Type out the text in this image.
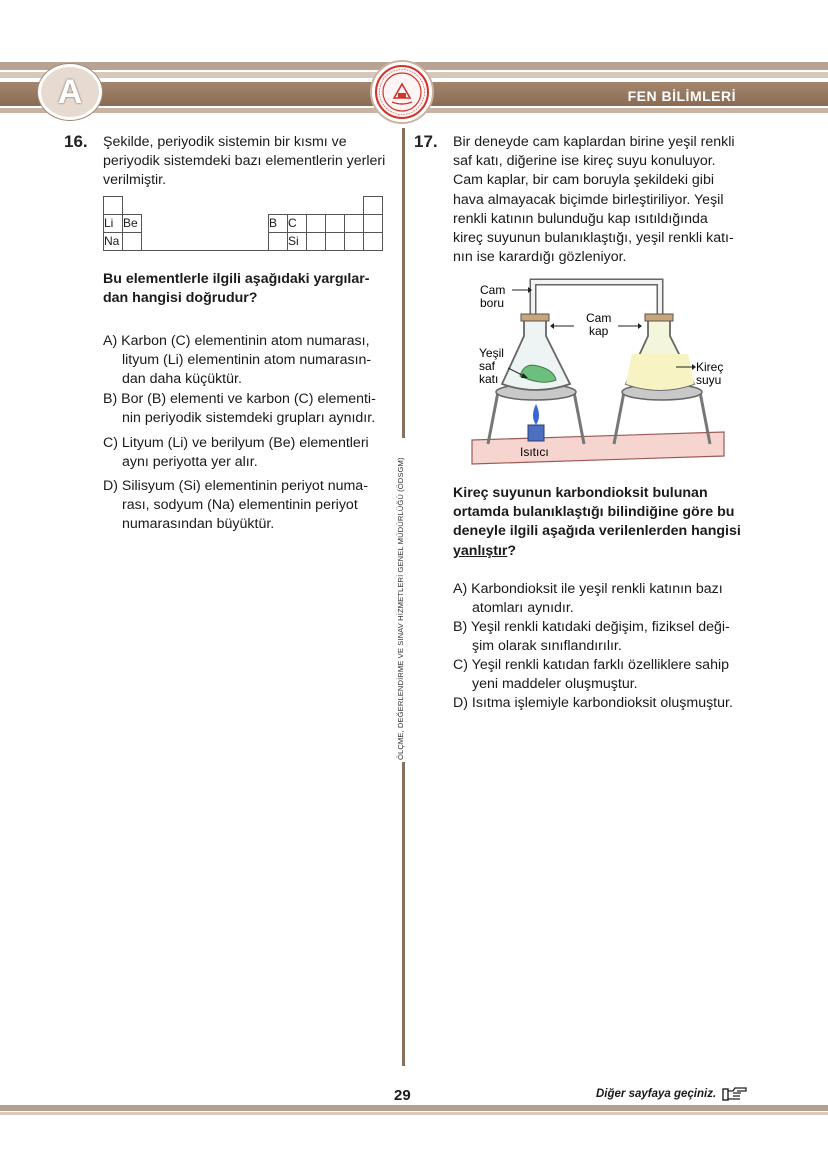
A	FEN BİLİMLERİ
ÖLÇME, DEĞERLENDİRME VE SINAV HİZMETLERİ GENEL MÜDÜRLÜĞÜ (ÖDSGM)
16. Şekilde, periyodik sistemin bir kısmı ve
periyodik sistemdeki bazı elementlerin yerleri
verilmiştir.

Li	Be								B	C				
Na										Si				
Bu elementlerle ilgili aşağıdaki yargılar-
dan hangisi doğrudur?
A) Karbon (C) elementinin atom numarası,
lityum (Li) elementinin atom numarasın-
dan daha küçüktür.
B) Bor (B) elementi ve karbon (C) elementi-
nin periyodik sistemdeki grupları aynıdır.
C) Lityum (Li) ve berilyum (Be) elementleri
aynı periyotta yer alır.
D) Silisyum (Si) elementinin periyot numa-
rası, sodyum (Na) elementinin periyot
numarasından büyüktür.
17. Bir deneyde cam kaplardan birine yeşil renkli
saf katı, diğerine ise kireç suyu konuluyor.
Cam kaplar, bir cam boruyla şekildeki gibi
hava almayacak biçimde birleştiriliyor. Yeşil
renkli katının bulunduğu kap ısıtıldığında
kireç suyunun bulanıklaştığı, yeşil renkli katı-
nın ise karardığı gözleniyor.
Cam
boru
Cam
kap
Yeşil
saf
katı
Kireç
suyu
Isıtıcı
Kireç suyunun karbondioksit bulunan
ortamda bulanıklaştığı bilindiğine göre bu
deneyle ilgili aşağıda verilenlerden hangisi
yanlıştır?
A) Karbondioksit ile yeşil renkli katının bazı
atomları aynıdır.
B) Yeşil renkli katıdaki değişim, fiziksel deği-
şim olarak sınıflandırılır.
C) Yeşil renkli katıdan farklı özelliklere sahip
yeni maddeler oluşmuştur.
D) Isıtma işlemiyle karbondioksit oluşmuştur.
29	Diğer sayfaya geçiniz.
